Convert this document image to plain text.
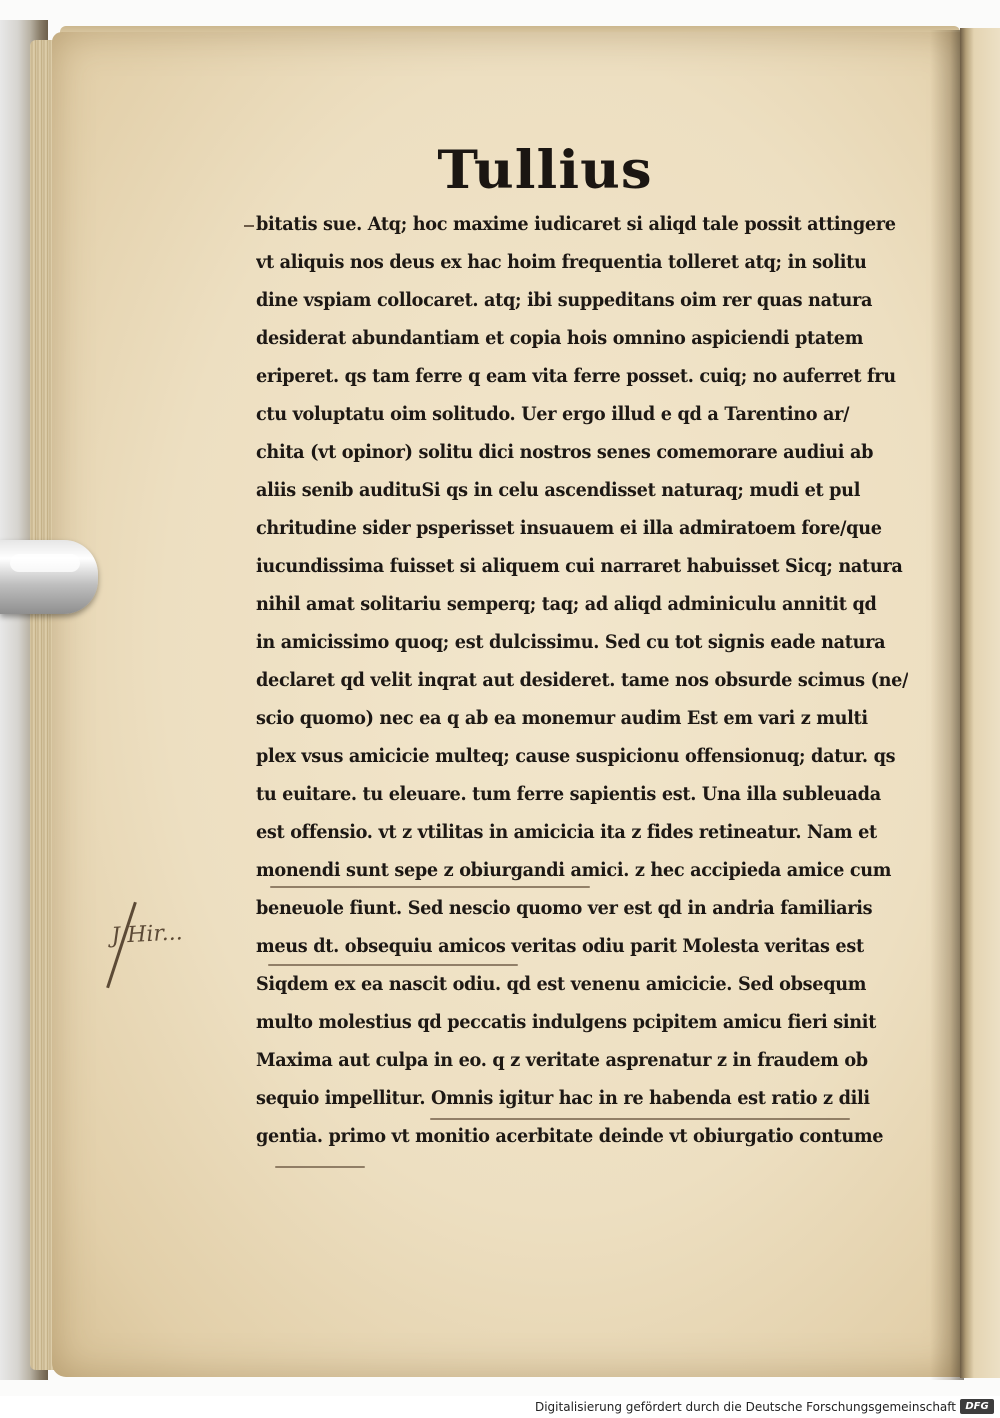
Tullius
bitatis sue. Atq; hoc maxime iudicaret si aliqd tale possit attingere
vt aliquis nos deus ex hac hoim frequentia tolleret atq; in solitu
dine vspiam collocaret. atq; ibi suppeditans oim rer quas natura
desiderat abundantiam et copia hois omnino aspiciendi ptatem
eriperet. qs tam ferre q eam vita ferre posset. cuiq; no auferret fru
ctu voluptatu oim solitudo. Uer ergo illud e qd a Tarentino ar/
chita (vt opinor) solitu dici nostros senes comemorare audiui ab
aliis senib audituSi qs in celu ascendisset naturaq; mudi et pul
chritudine sider psperisset insuauem ei illa admiratoem fore/que
iucundissima fuisset si aliquem cui narraret habuisset Sicq; natura
nihil amat solitariu semperq; taq; ad aliqd adminiculu annitit qd
in amicissimo quoq; est dulcissimu. Sed cu tot signis eade natura
declaret qd velit inqrat aut desideret. tame nos obsurde scimus (ne/
scio quomo) nec ea q ab ea monemur audim Est em vari z multi
plex vsus amicicie multeq; cause suspicionu offensionuq; datur. qs
tu euitare. tu eleuare. tum ferre sapientis est. Una illa subleuada
est offensio. vt z vtilitas in amicicia ita z fides retineatur. Nam et
monendi sunt sepe z obiurgandi amici. z hec accipieda amice cum
beneuole fiunt. Sed nescio quomo ver est qd in andria familiaris
meus dt. obsequiu amicos veritas odiu parit Molesta veritas est
Siqdem ex ea nascit odiu. qd est venenu amicicie. Sed obsequm
multo molestius qd peccatis indulgens pcipitem amicu fieri sinit
Maxima aut culpa in eo. q z veritate asprenatur z in fraudem ob
sequio impellitur. Omnis igitur hac in re habenda est ratio z dili
gentia. primo vt monitio acerbitate deinde vt obiurgatio contume
J Hir...
Digitalisierung gefördert durch die Deutsche Forschungsgemeinschaft DFG
